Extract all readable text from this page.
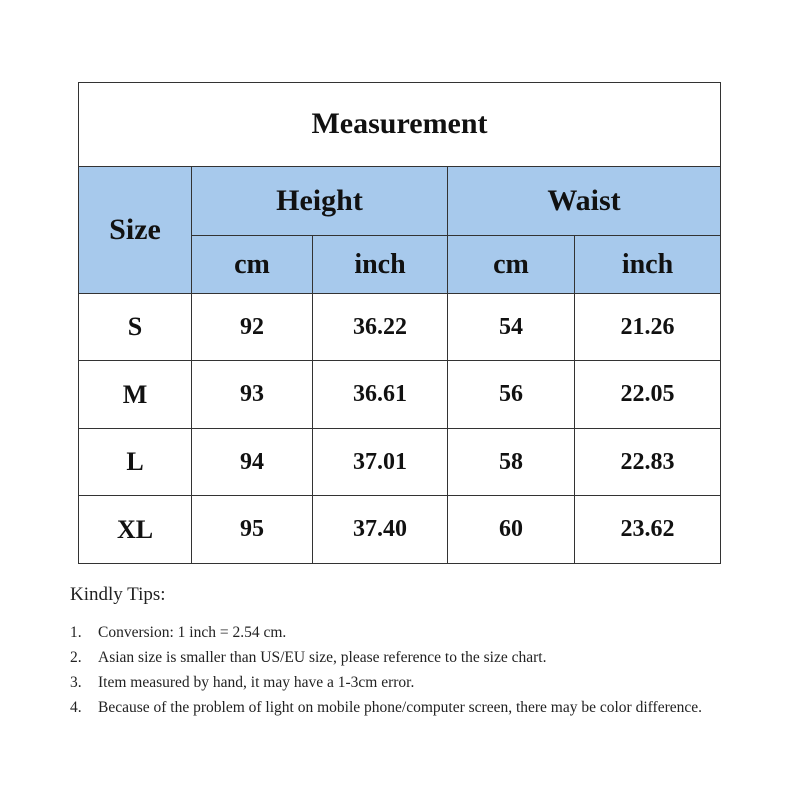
Measurement				
Size	Height		Waist	
	cm	inch	cm	inch
S	92	36.22	54	21.26
M	93	36.61	56	22.05
L	94	37.01	58	22.83
XL	95	37.40	60	23.62
Kindly Tips:
1.	Conversion: 1 inch = 2.54 cm.
2.	Asian size is smaller than US/EU size, please reference to the size chart.
3.	Item measured by hand, it may have a 1-3cm error.
4.	Because of the problem of light on mobile phone/computer screen, there may be color difference.
